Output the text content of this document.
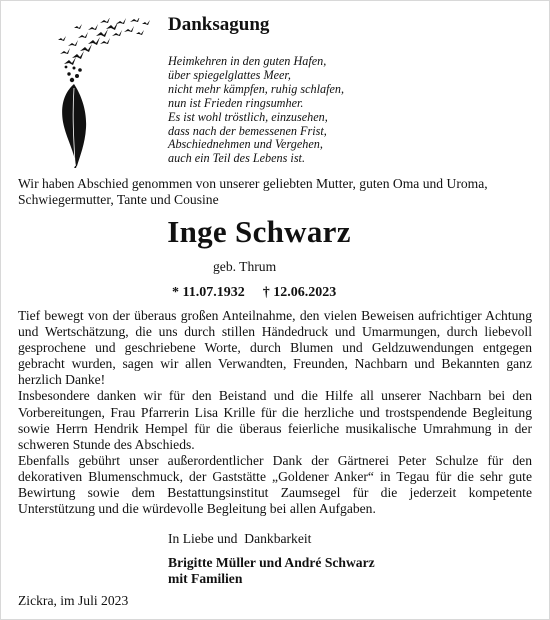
Danksagung
Heimkehren in den guten Hafen,
über spiegelglattes Meer,
nicht mehr kämpfen, ruhig schlafen,
nun ist Frieden ringsumher.
Es ist wohl tröstlich, einzusehen,
dass nach der bemessenen Frist,
Abschiednehmen und Vergehen,
auch ein Teil des Lebens ist.

Wir haben Abschied genommen von unserer geliebten Mutter, guten Oma und Uroma, Schwiegermutter, Tante und Cousine

Inge Schwarz
geb. Thrum
* 11.07.1932 † 12.06.2023

Tief bewegt von der überaus großen Anteilnahme, den vielen Beweisen aufrichtiger Achtung und Wertschätzung, die uns durch stillen Händedruck und Umarmungen, durch liebevoll gesprochene und geschriebene Worte, durch Blumen und Geldzuwendungen entgegen gebracht wurden, sagen wir allen Verwandten, Freunden, Nachbarn und Bekannten ganz herzlich Danke!

Insbesondere danken wir für den Beistand und die Hilfe all unserer Nachbarn bei den Vorbereitungen, Frau Pfarrerin Lisa Krille für die herzliche und trostspendende Begleitung sowie Herrn Hendrik Hempel für die überaus feierliche musikalische Umrahmung in der schweren Stunde des Abschieds.

Ebenfalls gebührt unser außerordentlicher Dank der Gärtnerei Peter Schulze für den dekorativen Blumenschmuck, der Gaststätte „Goldener Anker“ in Tegau für die sehr gute Bewirtung sowie dem Bestattungsinstitut Zaumsegel für die jederzeit kompetente Unterstützung und die würdevolle Begleitung bei allen Aufgaben.

In Liebe und  Dankbarkeit
Brigitte Müller und André Schwarz
mit Familien
Zickra, im Juli 2023
